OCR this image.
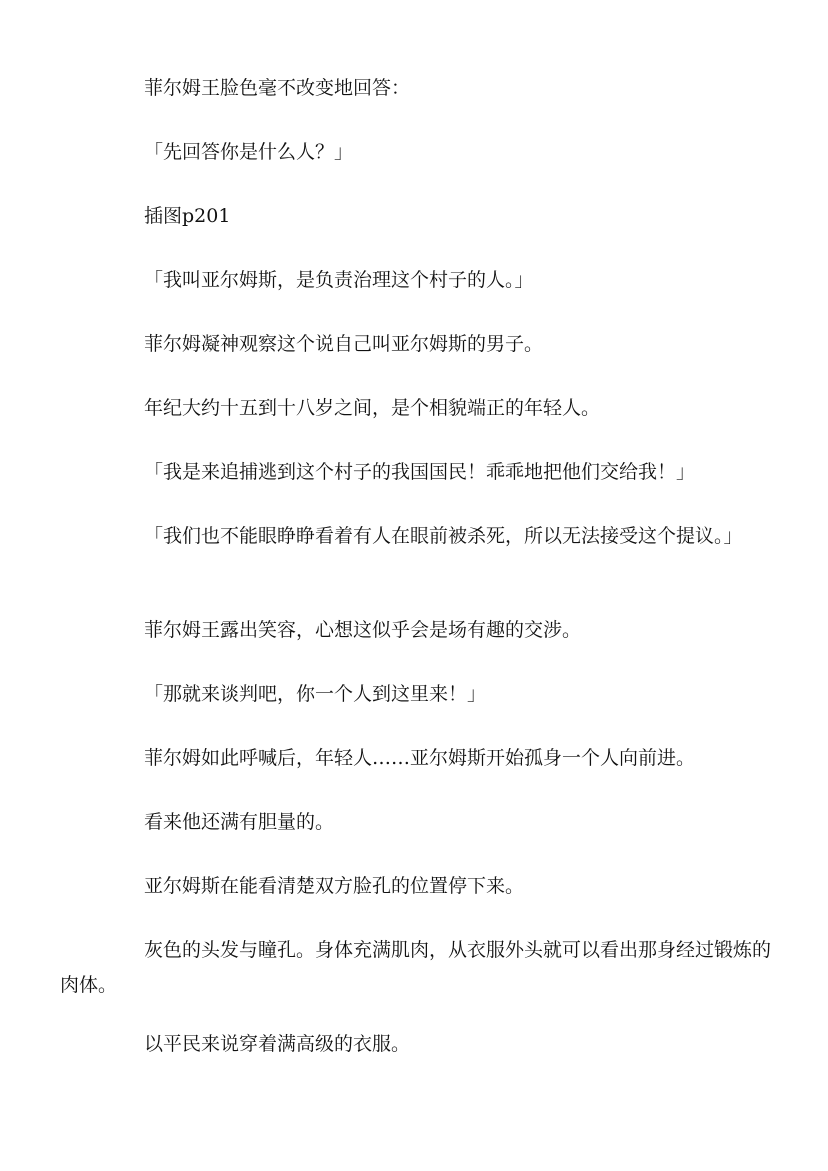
菲尔姆王脸色毫不改变地回答：

「先回答你是什么人？」

插图p201

「我叫亚尔姆斯，是负责治理这个村子的人。」

菲尔姆凝神观察这个说自己叫亚尔姆斯的男子。

年纪大约十五到十八岁之间，是个相貌端正的年轻人。

「我是来追捕逃到这个村子的我国国民！乖乖地把他们交给我！」

「我们也不能眼睁睁看着有人在眼前被杀死，所以无法接受这个提议。」

菲尔姆王露出笑容，心想这似乎会是场有趣的交涉。

「那就来谈判吧，你一个人到这里来！」

菲尔姆如此呼喊后，年轻人……亚尔姆斯开始孤身一个人向前进。

看来他还满有胆量的。

亚尔姆斯在能看清楚双方脸孔的位置停下来。

灰色的头发与瞳孔。身体充满肌肉，从衣服外头就可以看出那身经过锻炼的肉体。

以平民来说穿着满高级的衣服。
